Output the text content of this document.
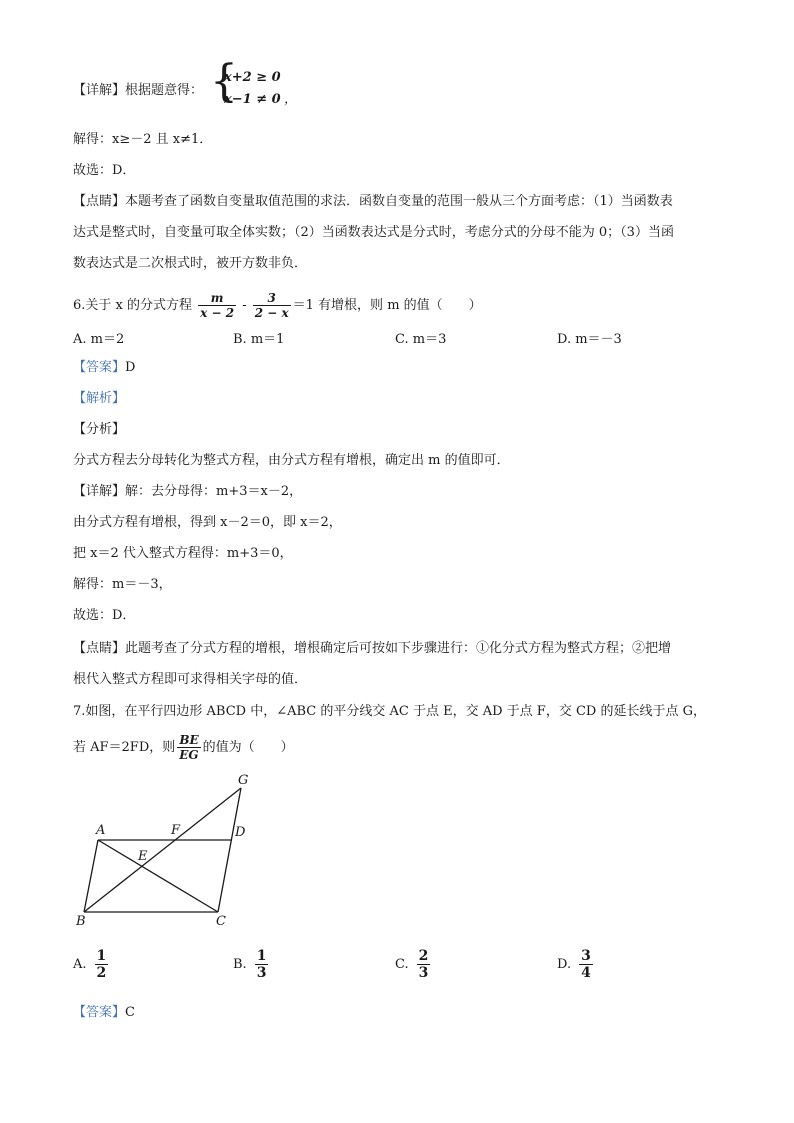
【详解】根据题意得： {
x+2 ≥ 0
x−1 ≠ 0 ，
解得：x≥－2 且 x≠1．
故选：D．
【点睛】本题考查了函数自变量取值范围的求法．函数自变量的范围一般从三个方面考虑：（1）当函数表
达式是整式时，自变量可取全体实数；（2）当函数表达式是分式时，考虑分式的分母不能为 0；（3）当函
数表达式是二次根式时，被开方数非负．
6.关于 x 的分式方程 $\frac{m}{x - 2} - \frac{3}{2 - x} =1$ 有增根，则 m 的值（　　）
A. m＝2	B. m＝1	C. m＝3	D. m＝－3
【答案】D
【解析】
【分析】
分式方程去分母转化为整式方程，由分式方程有增根，确定出 m 的值即可．
【详解】解：去分母得：m+3＝x－2，
由分式方程有增根，得到 x－2＝0，即 x＝2，
把 x＝2 代入整式方程得：m+3＝0，
解得：m＝－3，
故选：D．
【点睛】此题考查了分式方程的增根，增根确定后可按如下步骤进行：①化分式方程为整式方程；②把增
根代入整式方程即可求得相关字母的值．
7.如图，在平行四边形 ABCD 中，∠ABC 的平分线交 AC 于点 E，交 AD 于点 F，交 CD 的延长线于点 G，
若 AF＝2FD，则 $\frac{BE}{EG}$ 的值为（　　）
A	F	D
E
G
B	C
A. $\frac{1}{2}$	B. $\frac{1}{3}$	C. $\frac{2}{3}$	D. $\frac{3}{4}$
【答案】C
